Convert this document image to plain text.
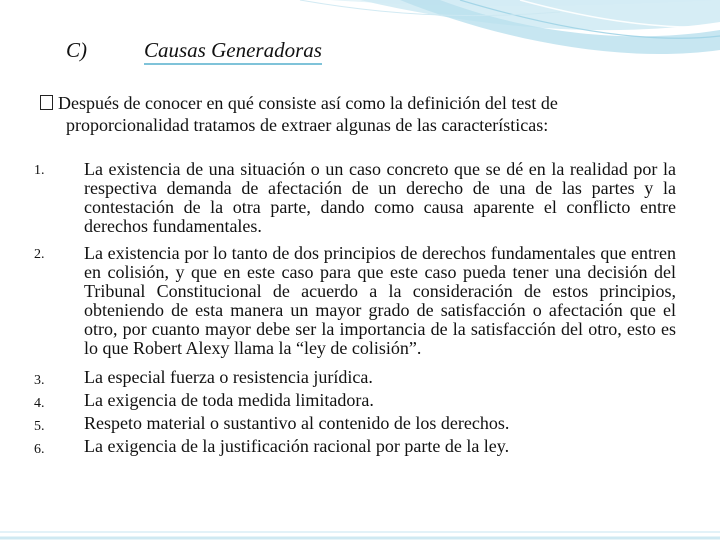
C)	Causas Generadoras
Después de conocer en qué consiste así como la definición del test de
proporcionalidad tratamos de extraer algunas de las características:
1.	La existencia de una situación o un caso concreto que se dé en la realidad por la respectiva demanda de afectación de un derecho de una de las partes y la contestación de la otra parte, dando como causa aparente el conflicto entre derechos fundamentales.
2.	La existencia por lo tanto de dos principios de derechos fundamentales que entren en colisión, y que en este caso para que este caso pueda tener una decisión del Tribunal Constitucional de acuerdo a la consideración de estos principios, obteniendo de esta manera un mayor grado de satisfacción o afectación que el otro, por cuanto mayor debe ser la importancia de la satisfacción del otro, esto es lo que Robert Alexy llama la “ley de colisión”.
3.	La especial fuerza o resistencia jurídica.
4.	La exigencia de toda medida limitadora.
5.	Respeto material o sustantivo al contenido de los derechos.
6.	La exigencia de la justificación racional por parte de la ley.
